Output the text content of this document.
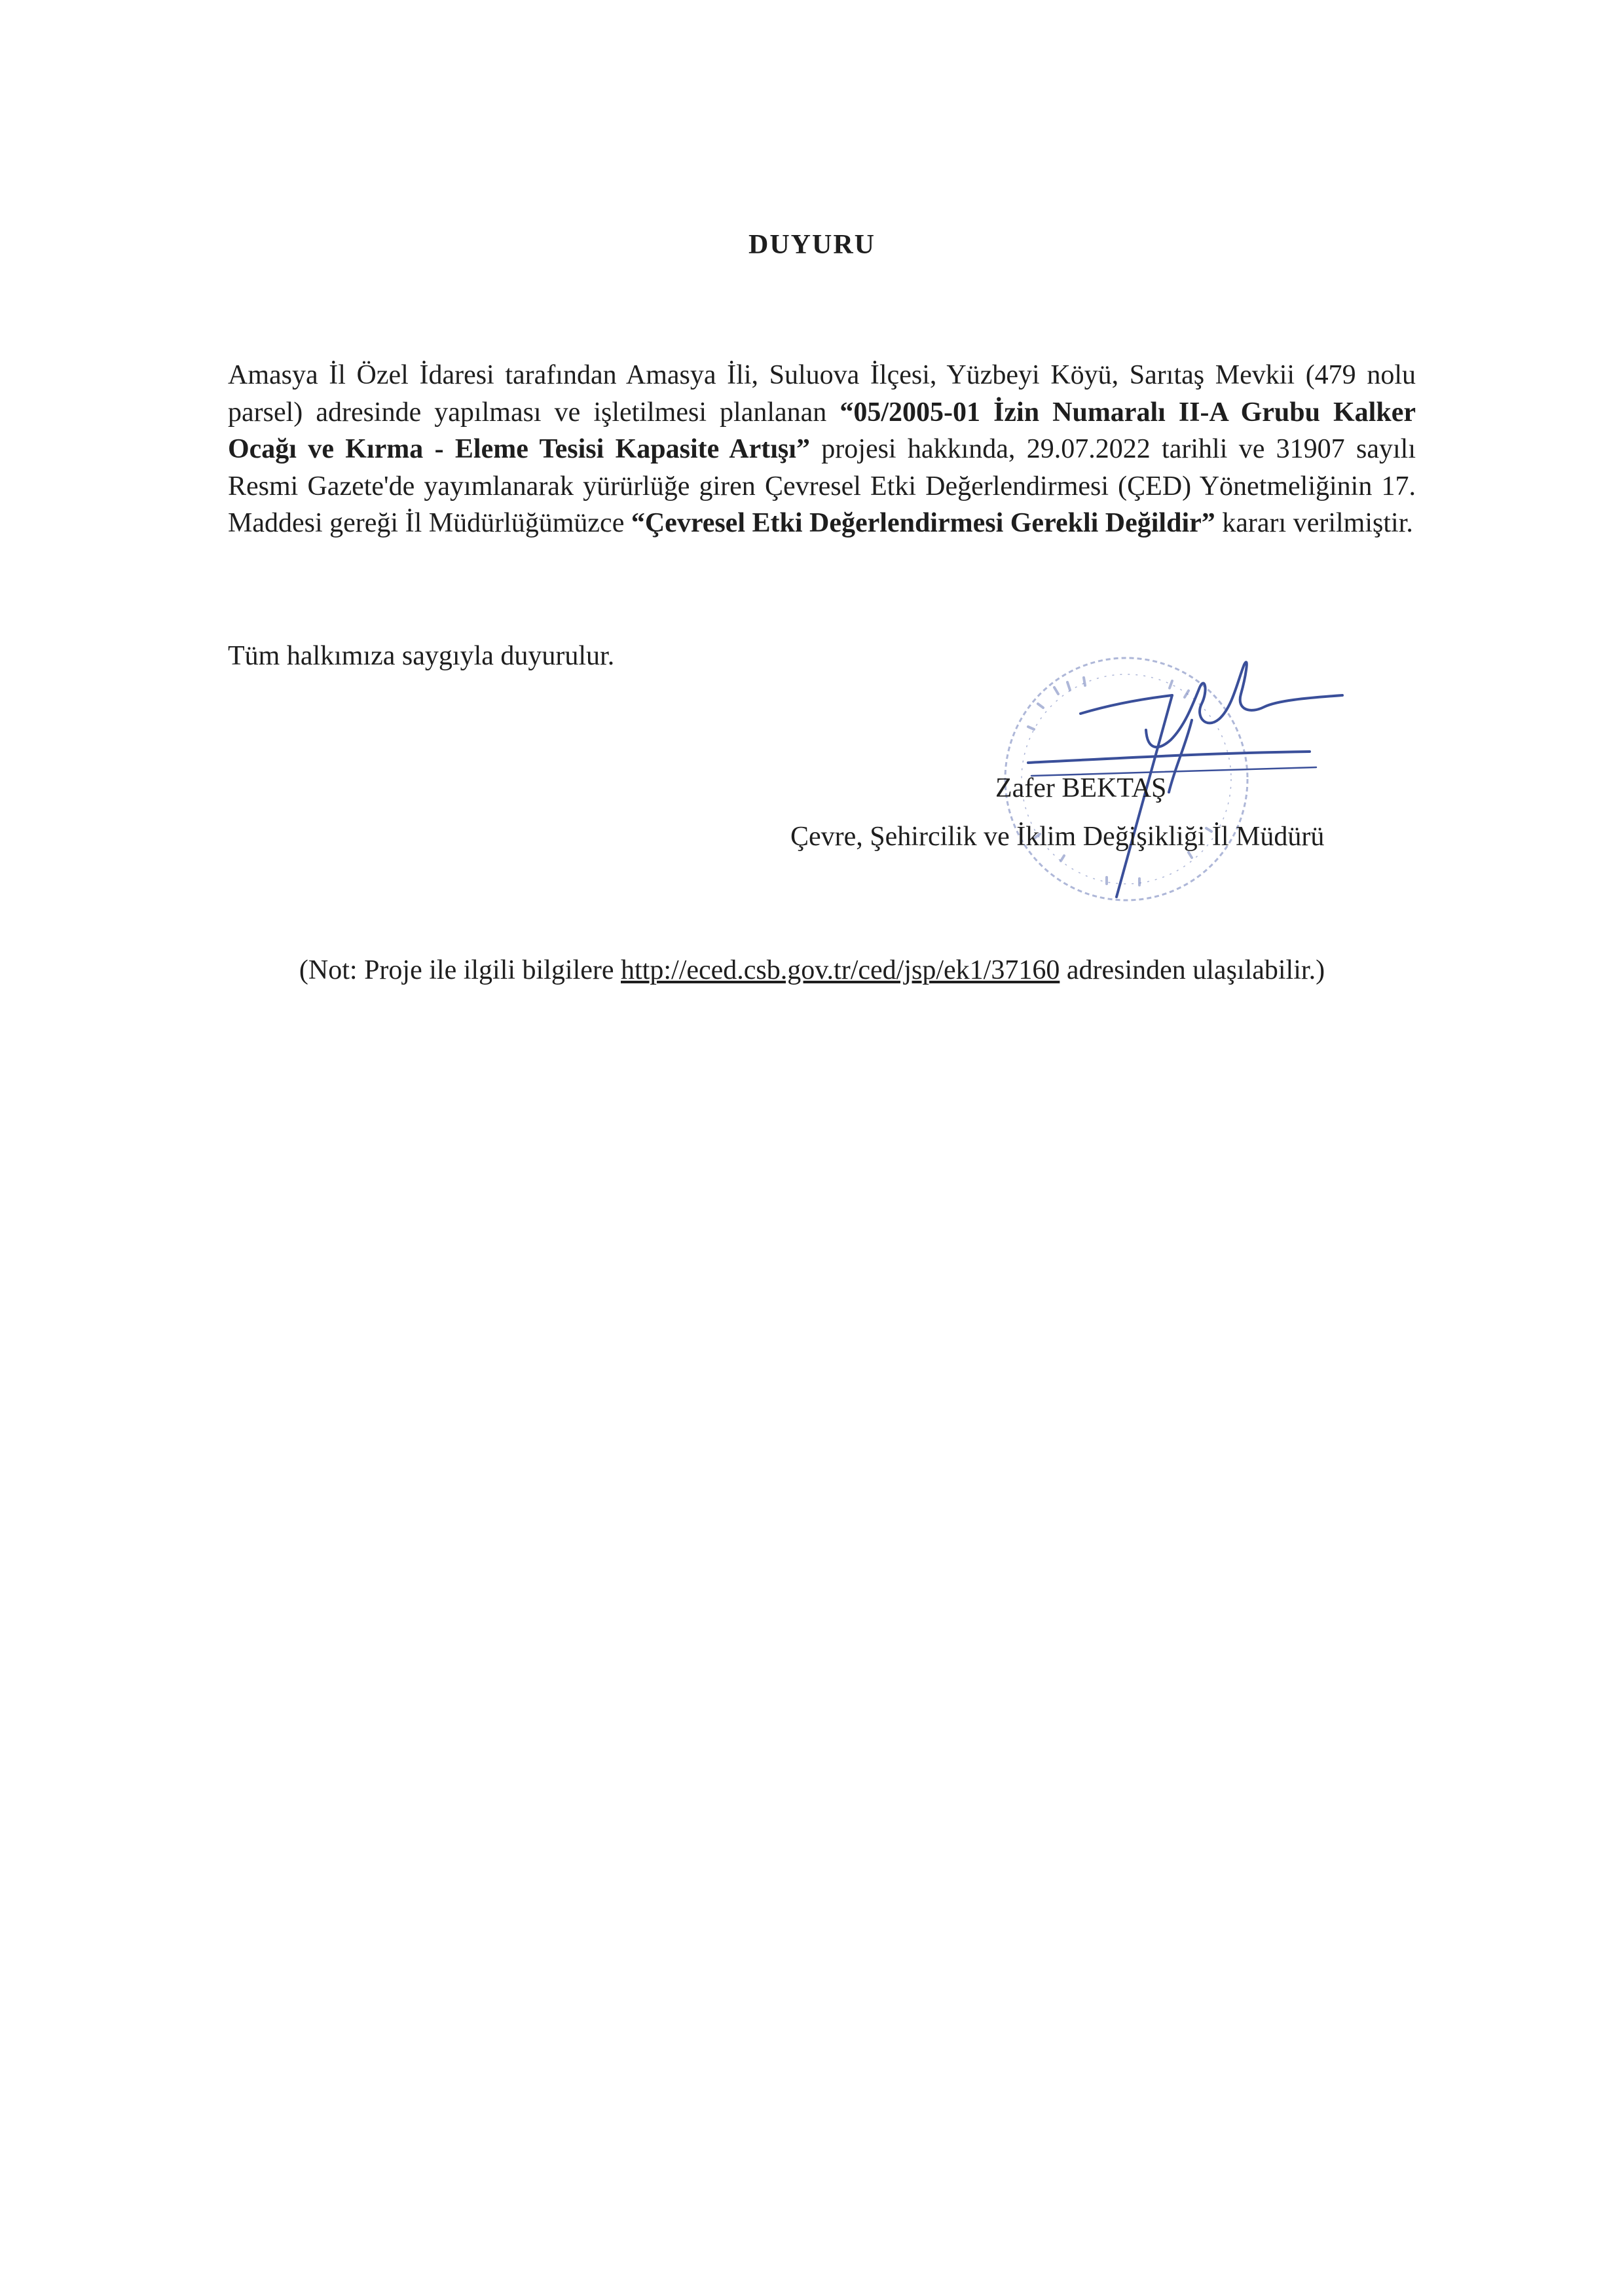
DUYURU

Amasya İl Özel İdaresi tarafından Amasya İli, Suluova İlçesi, Yüzbeyi Köyü, Sarıtaş Mevkii (479 nolu parsel) adresinde yapılması ve işletilmesi planlanan “05/2005-01 İzin Numaralı II-A Grubu Kalker Ocağı ve Kırma - Eleme Tesisi Kapasite Artışı” projesi hakkında, 29.07.2022 tarihli ve 31907 sayılı Resmi Gazete'de yayımlanarak yürürlüğe giren Çevresel Etki Değerlendirmesi (ÇED) Yönetmeliğinin 17. Maddesi gereği İl Müdürlüğümüzce “Çevresel Etki Değerlendirmesi Gerekli Değildir” kararı verilmiştir.

Tüm halkımıza saygıyla duyurulur.

Zafer BEKTAŞ
Çevre, Şehircilik ve İklim Değişikliği İl Müdürü
(Not: Proje ile ilgili bilgilere http://eced.csb.gov.tr/ced/jsp/ek1/37160 adresinden ulaşılabilir.)
